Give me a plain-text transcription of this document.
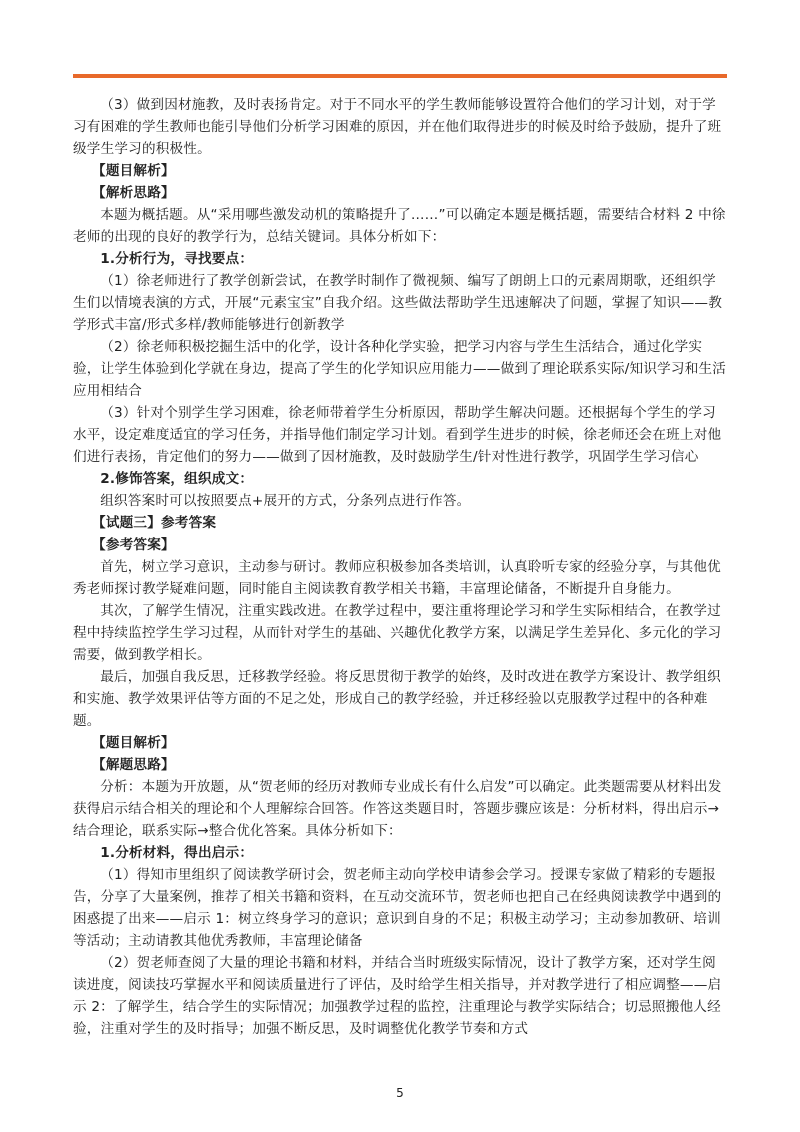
（3）做到因材施教，及时表扬肯定。对于不同水平的学生教师能够设置符合他们的学习计划，对于学习有困难的学生教师也能引导他们分析学习困难的原因，并在他们取得进步的时候及时给予鼓励，提升了班级学生学习的积极性。

【题目解析】

【解析思路】

本题为概括题。从“采用哪些激发动机的策略提升了……”可以确定本题是概括题，需要结合材料 2 中徐老师的出现的良好的教学行为，总结关键词。具体分析如下：

1.分析行为，寻找要点：

（1）徐老师进行了教学创新尝试，在教学时制作了微视频、编写了朗朗上口的元素周期歌，还组织学生们以情境表演的方式，开展“元素宝宝”自我介绍。这些做法帮助学生迅速解决了问题，掌握了知识——教学形式丰富/形式多样/教师能够进行创新教学

（2）徐老师积极挖掘生活中的化学，设计各种化学实验，把学习内容与学生生活结合，通过化学实验，让学生体验到化学就在身边，提高了学生的化学知识应用能力——做到了理论联系实际/知识学习和生活应用相结合

（3）针对个别学生学习困难，徐老师带着学生分析原因，帮助学生解决问题。还根据每个学生的学习水平，设定难度适宜的学习任务，并指导他们制定学习计划。看到学生进步的时候，徐老师还会在班上对他们进行表扬，肯定他们的努力——做到了因材施教，及时鼓励学生/针对性进行教学，巩固学生学习信心

2.修饰答案，组织成文：

组织答案时可以按照要点+展开的方式，分条列点进行作答。

【试题三】参考答案

【参考答案】

首先，树立学习意识，主动参与研讨。教师应积极参加各类培训，认真聆听专家的经验分享，与其他优秀老师探讨教学疑难问题，同时能自主阅读教育教学相关书籍，丰富理论储备，不断提升自身能力。

其次，了解学生情况，注重实践改进。在教学过程中，要注重将理论学习和学生实际相结合，在教学过程中持续监控学生学习过程，从而针对学生的基础、兴趣优化教学方案，以满足学生差异化、多元化的学习需要，做到教学相长。

最后，加强自我反思，迁移教学经验。将反思贯彻于教学的始终，及时改进在教学方案设计、教学组织和实施、教学效果评估等方面的不足之处，形成自己的教学经验，并迁移经验以克服教学过程中的各种难题。

【题目解析】

【解题思路】

分析：本题为开放题，从“贺老师的经历对教师专业成长有什么启发”可以确定。此类题需要从材料出发获得启示结合相关的理论和个人理解综合回答。作答这类题目时，答题步骤应该是：分析材料，得出启示→结合理论，联系实际→整合优化答案。具体分析如下：

1.分析材料，得出启示：

（1）得知市里组织了阅读教学研讨会，贺老师主动向学校申请参会学习。授课专家做了精彩的专题报告，分享了大量案例，推荐了相关书籍和资料，在互动交流环节，贺老师也把自己在经典阅读教学中遇到的困惑提了出来——启示 1：树立终身学习的意识；意识到自身的不足；积极主动学习；主动参加教研、培训等活动；主动请教其他优秀教师，丰富理论储备

（2）贺老师查阅了大量的理论书籍和材料，并结合当时班级实际情况，设计了教学方案，还对学生阅读进度，阅读技巧掌握水平和阅读质量进行了评估，及时给学生相关指导，并对教学进行了相应调整——启示 2：了解学生，结合学生的实际情况；加强教学过程的监控，注重理论与教学实际结合；切忌照搬他人经验，注重对学生的及时指导；加强不断反思，及时调整优化教学节奏和方式

5
